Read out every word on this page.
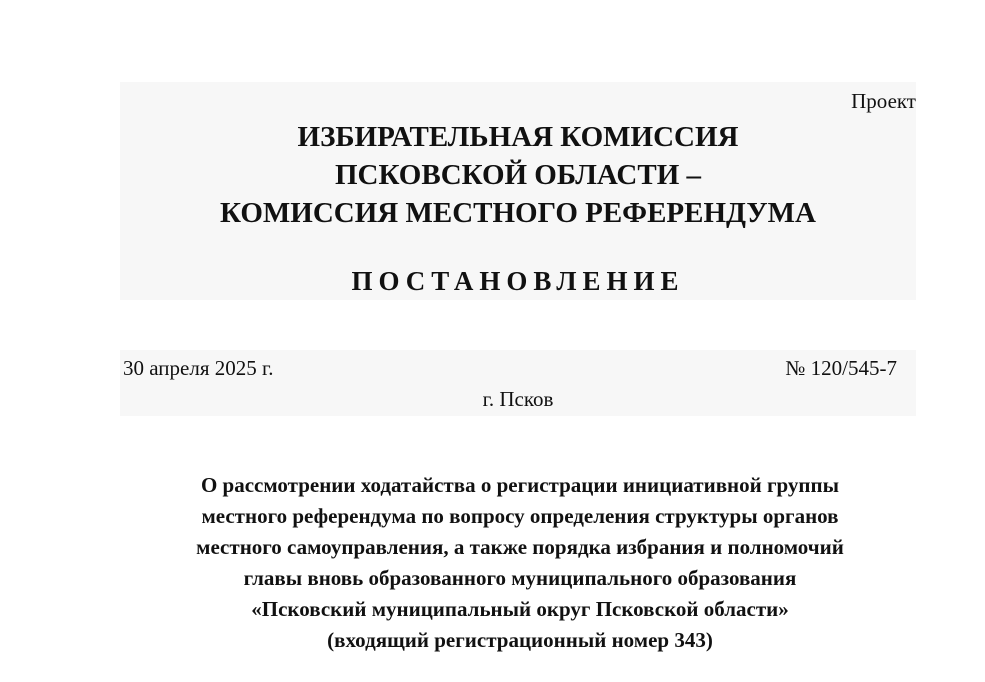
Проект
ИЗБИРАТЕЛЬНАЯ КОМИССИЯ
ПСКОВСКОЙ ОБЛАСТИ –
КОМИССИЯ МЕСТНОГО РЕФЕРЕНДУМА
ПОСТАНОВЛЕНИЕ
30 апреля 2025 г.	№ 120/545-7
г. Псков
О рассмотрении ходатайства о регистрации инициативной группы
местного референдума по вопросу определения структуры органов
местного самоуправления, а также порядка избрания и полномочий
главы вновь образованного муниципального образования
«Псковский муниципальный округ Псковской области»
(входящий регистрационный номер 343)
